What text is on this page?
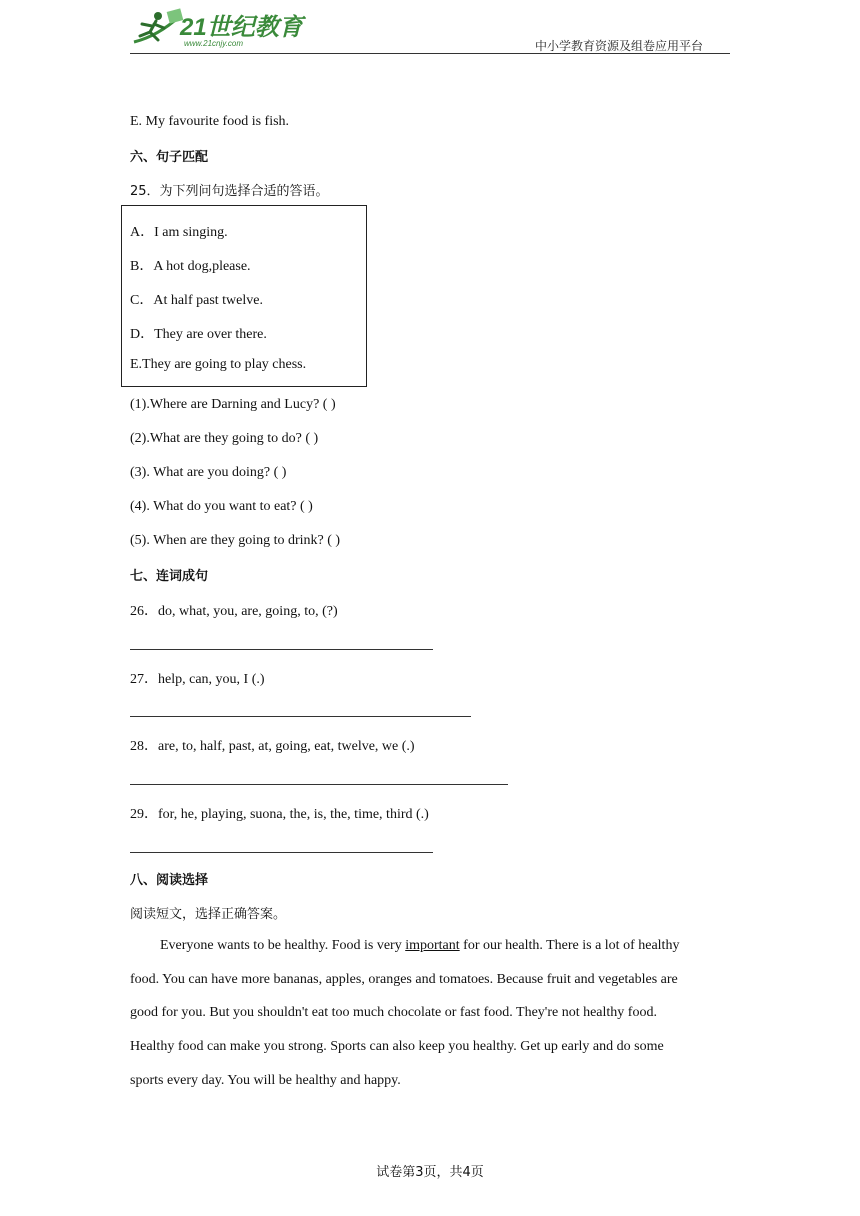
21世纪教育
www.21cnjy.com	中小学教育资源及组卷应用平台
E. My favourite food is fish.
六、句子匹配
25．为下列问句选择合适的答语。
A．I am singing.
B．A hot dog,please.
C．At half past twelve.
D．They are over there.
E.They are going to play chess.
(1).Where are Darning and Lucy? ( )
(2).What are they going to do? ( )
(3). What are you doing? ( )
(4). What do you want to eat? ( )
(5). When are they going to drink? ( )
七、连词成句
26．do, what, you, are, going, to, (?)
27．help, can, you, I (.)
28．are, to, half, past, at, going, eat, twelve, we (.)
29．for, he, playing, suona, the, is, the, time, third (.)
八、阅读选择
阅读短文，选择正确答案。
Everyone wants to be healthy. Food is very important for our health. There is a lot of healthy
food. You can have more bananas, apples, oranges and tomatoes. Because fruit and vegetables are
good for you. But you shouldn't eat too much chocolate or fast food. They're not healthy food.
Healthy food can make you strong. Sports can also keep you healthy. Get up early and do some
sports every day. You will be healthy and happy.
试卷第3页，共4页
